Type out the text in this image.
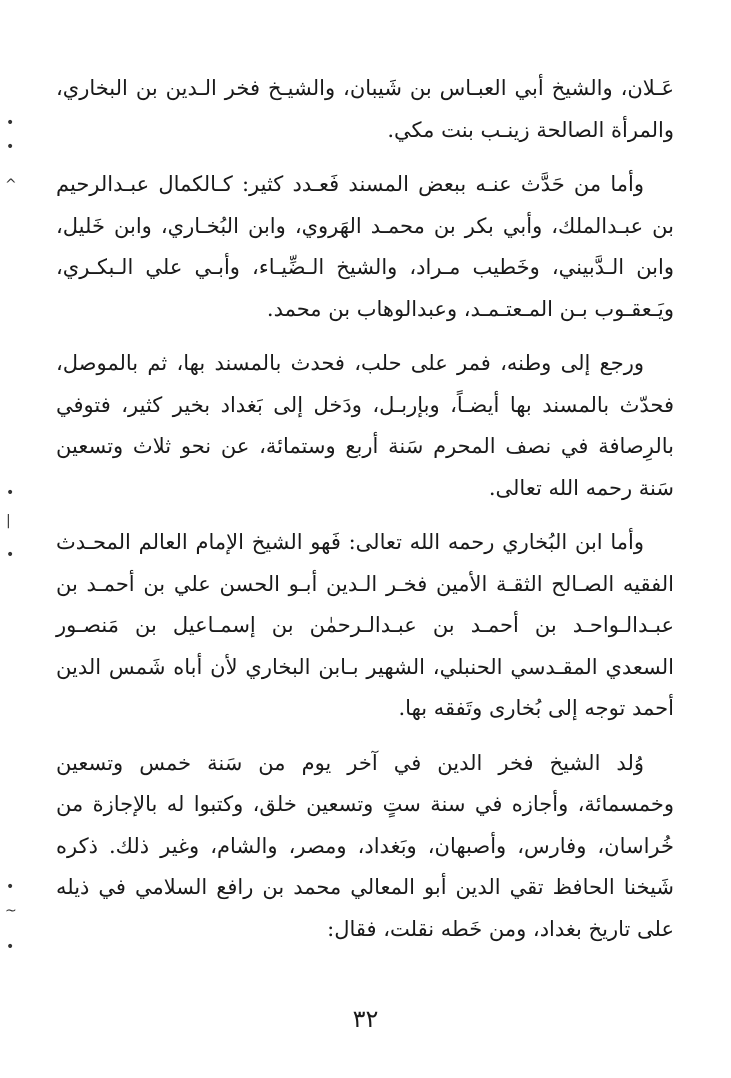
عَـلان، والشيخ أبي العبـاس بن شَيبان، والشيـخ فخر الـدين بن البخاري، والمرأة الصالحة زينـب بنت مكي.

وأما من حَدَّث عنـه ببعض المسند فَعـدد كثير: كـالكمال عبـدالرحيم بن عبـدالملك، وأبي بكر بن محمـد الهَروي، وابن البُخـاري، وابن خَليل، وابن الـدَّبيني، وخَطيب مـراد، والشيخ الـضِّيـاء، وأبـي علي الـبكـري، ويَـعقـوب بـن المـعتـمـد، وعبدالوهاب بن محمد.

ورجع إلى وطنه، فمر على حلب، فحدث بالمسند بها، ثم بالموصل، فحدّث بالمسند بها أيضـاً، وبإربـل، ودَخل إلى بَغداد بخير كثير، فتوفي بالرِصافة في نصف المحرم سَنة أربع وستمائة، عن نحو ثلاث وتسعين سَنة رحمه الله تعالى.

وأما ابن البُخاري رحمه الله تعالى: فَهو الشيخ الإمام العالم المحـدث الفقيه الصـالح الثقـة الأمين فخـر الـدين أبـو الحسن علي بن أحمـد بن عبـدالـواحـد بن أحمـد بن عبـدالـرحمٰن بن إسمـاعيل بن مَنصـور السعدي المقـدسي الحنبلي، الشهير بـابن البخاري لأن أباه شَمس الدين أحمد توجه إلى بُخارى وتَفقه بها.

وُلد الشيخ فخر الدين في آخر يوم من سَنة خمس وتسعين وخمسمائة، وأجازه في سنة ستٍ وتسعين خلق، وكتبوا له بالإجازة من خُراسان، وفارس، وأصبهان، وبَغداد، ومصر، والشام، وغير ذلك. ذكره شَيخنا الحافظ تقي الدين أبو المعالي محمد بن رافع السلامي في ذيله على تاريخ بغداد، ومن خَطه نقلت، فقال:

٣٢
•
•
^
•
|
•
•
~
•
